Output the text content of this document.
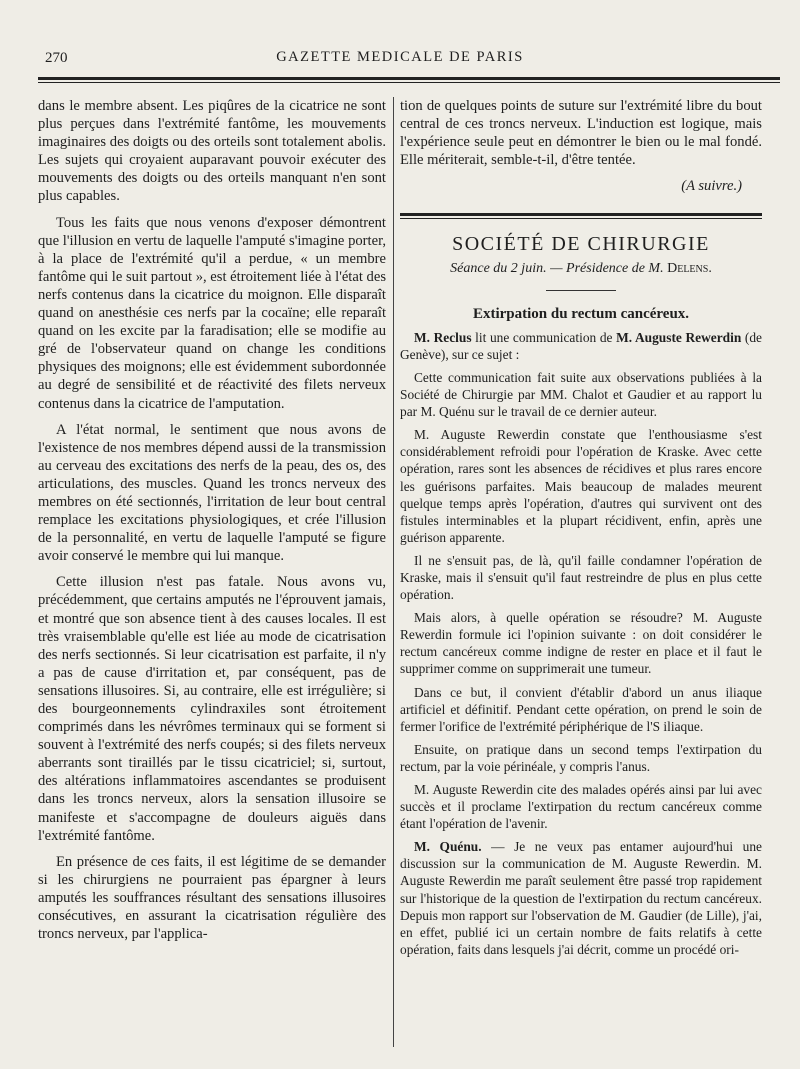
270	GAZETTE MEDICALE DE PARIS

dans le membre absent. Les piqûres de la cicatrice ne sont plus perçues dans l'extrémité fantôme, les mouvements imaginaires des doigts ou des orteils sont totalement abolis. Les sujets qui croyaient auparavant pouvoir exécuter des mouvements des doigts ou des orteils manquant n'en sont plus capables.

Tous les faits que nous venons d'exposer démontrent que l'illusion en vertu de laquelle l'amputé s'imagine porter, à la place de l'extrémité qu'il a perdue, « un membre fantôme qui le suit partout », est étroitement liée à l'état des nerfs contenus dans la cicatrice du moignon. Elle disparaît quand on anesthésie ces nerfs par la cocaïne; elle reparaît quand on les excite par la faradisation; elle se modifie au gré de l'observateur quand on change les conditions physiques des moignons; elle est évidemment subordonnée au degré de sensibilité et de réactivité des filets nerveux contenus dans la cicatrice de l'amputation.

A l'état normal, le sentiment que nous avons de l'existence de nos membres dépend aussi de la transmission au cerveau des excitations des nerfs de la peau, des os, des articulations, des muscles. Quand les troncs nerveux des membres on été sectionnés, l'irritation de leur bout central remplace les excitations physiologiques, et crée l'illusion de la personnalité, en vertu de laquelle l'amputé se figure avoir conservé le membre qui lui manque.

Cette illusion n'est pas fatale. Nous avons vu, précédemment, que certains amputés ne l'éprouvent jamais, et montré que son absence tient à des causes locales. Il est très vraisemblable qu'elle est liée au mode de cicatrisation des nerfs sectionnés. Si leur cicatrisation est parfaite, il n'y a pas de cause d'irritation et, par conséquent, pas de sensations illusoires. Si, au contraire, elle est irrégulière; si des bourgeonnements cylindraxiles sont étroitement comprimés dans les névrômes terminaux qui se forment si souvent à l'extrémité des nerfs coupés; si des filets nerveux aberrants sont tiraillés par le tissu cicatriciel; si, surtout, des altérations inflammatoires ascendantes se produisent dans les troncs nerveux, alors la sensation illusoire se manifeste et s'accompagne de douleurs aiguës dans l'extrémité fantôme.

En présence de ces faits, il est légitime de se demander si les chirurgiens ne pourraient pas épargner à leurs amputés les souffrances résultant des sensations illusoires consécutives, en assurant la cicatrisation régulière des troncs nerveux, par l'applica-

tion de quelques points de suture sur l'extrémité libre du bout central de ces troncs nerveux. L'induction est logique, mais l'expérience seule peut en démontrer le bien ou le mal fondé. Elle mériterait, semble-t-il, d'être tentée.

(A suivre.)
SOCIÉTÉ DE CHIRURGIE
Séance du 2 juin. — Présidence de M. Delens.
Extirpation du rectum cancéreux.

M. Reclus lit une communication de M. Auguste Rewerdin (de Genève), sur ce sujet :

Cette communication fait suite aux observations publiées à la Société de Chirurgie par MM. Chalot et Gaudier et au rapport lu par M. Quénu sur le travail de ce dernier auteur.

M. Auguste Rewerdin constate que l'enthousiasme s'est considérablement refroidi pour l'opération de Kraske. Avec cette opération, rares sont les absences de récidives et plus rares encore les guérisons parfaites. Mais beaucoup de malades meurent quelque temps après l'opération, d'autres qui survivent ont des fistules interminables et la plupart récidivent, enfin, après une guérison apparente.

Il ne s'ensuit pas, de là, qu'il faille condamner l'opération de Kraske, mais il s'ensuit qu'il faut restreindre de plus en plus cette opération.

Mais alors, à quelle opération se résoudre? M. Auguste Rewerdin formule ici l'opinion suivante : on doit considérer le rectum cancéreux comme indigne de rester en place et il faut le supprimer comme on supprimerait une tumeur.

Dans ce but, il convient d'établir d'abord un anus iliaque artificiel et définitif. Pendant cette opération, on prend le soin de fermer l'orifice de l'extrémité périphérique de l'S iliaque.

Ensuite, on pratique dans un second temps l'extirpation du rectum, par la voie périnéale, y compris l'anus.

M. Auguste Rewerdin cite des malades opérés ainsi par lui avec succès et il proclame l'extirpation du rectum cancéreux comme étant l'opération de l'avenir.

M. Quénu. — Je ne veux pas entamer aujourd'hui une discussion sur la communication de M. Auguste Rewerdin. M. Auguste Rewerdin me paraît seulement être passé trop rapidement sur l'historique de la question de l'extirpation du rectum cancéreux. Depuis mon rapport sur l'observation de M. Gaudier (de Lille), j'ai, en effet, publié ici un certain nombre de faits relatifs à cette opération, faits dans lesquels j'ai décrit, comme un procédé ori-
